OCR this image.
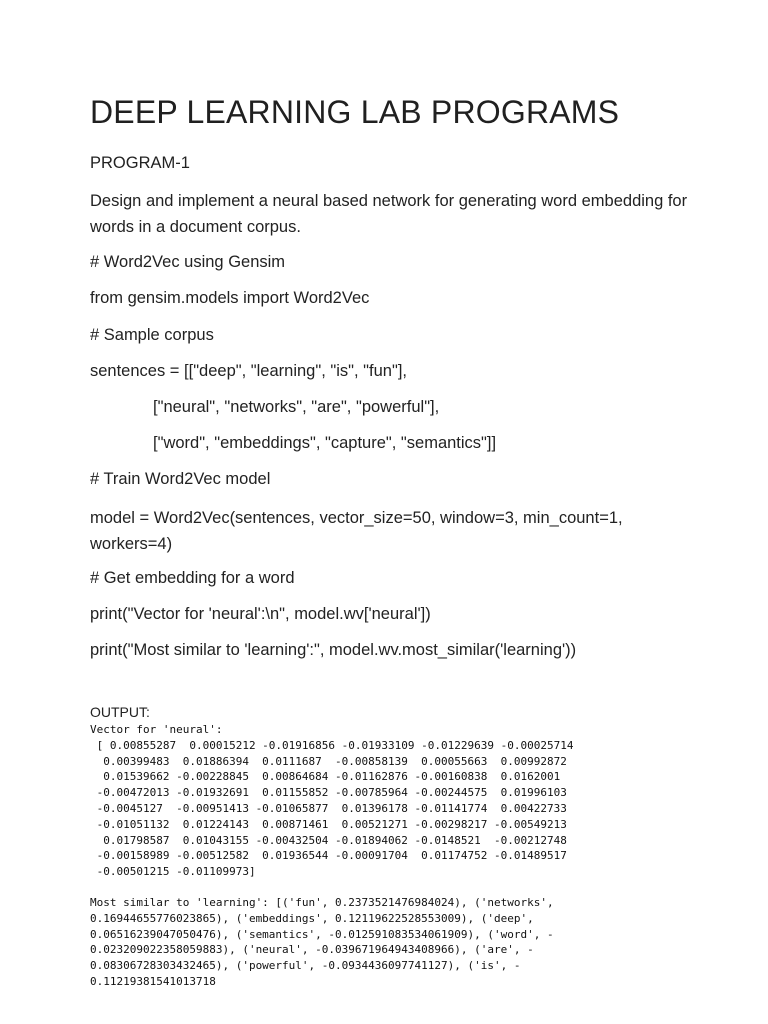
DEEP LEARNING LAB PROGRAMS
PROGRAM-1
Design and implement a neural based network for generating word embedding for words in a document corpus.
# Word2Vec using Gensim
from gensim.models import Word2Vec
# Sample corpus
sentences = [["deep", "learning", "is", "fun"],
["neural", "networks", "are", "powerful"],
["word", "embeddings", "capture", "semantics"]]
# Train Word2Vec model
model = Word2Vec(sentences, vector_size=50, window=3, min_count=1, workers=4)
# Get embedding for a word
print("Vector for 'neural':\n", model.wv['neural'])
print("Most similar to 'learning':", model.wv.most_similar('learning'))
OUTPUT:
Vector for 'neural':
[ 0.00855287  0.00015212 -0.01916856 -0.01933109 -0.01229639 -0.00025714
0.00399483  0.01886394  0.0111687  -0.00858139  0.00055663  0.00992872
0.01539662 -0.00228845  0.00864684 -0.01162876 -0.00160838  0.0162001
-0.00472013 -0.01932691  0.01155852 -0.00785964 -0.00244575  0.01996103
-0.0045127  -0.00951413 -0.01065877  0.01396178 -0.01141774  0.00422733
-0.01051132  0.01224143  0.00871461  0.00521271 -0.00298217 -0.00549213
0.01798587  0.01043155 -0.00432504 -0.01894062 -0.0148521  -0.00212748
-0.00158989 -0.00512582  0.01936544 -0.00091704  0.01174752 -0.01489517
-0.00501215 -0.01109973]
Most similar to 'learning': [('fun', 0.2373521476984024), ('networks',
0.16944655776023865), ('embeddings', 0.12119622528553009), ('deep',
0.06516239047050476), ('semantics', -0.012591083534061909), ('word', -
0.023209022358059883), ('neural', -0.039671964943408966), ('are', -
0.08306728303432465), ('powerful', -0.0934436097741127), ('is', -
0.11219381541013718
